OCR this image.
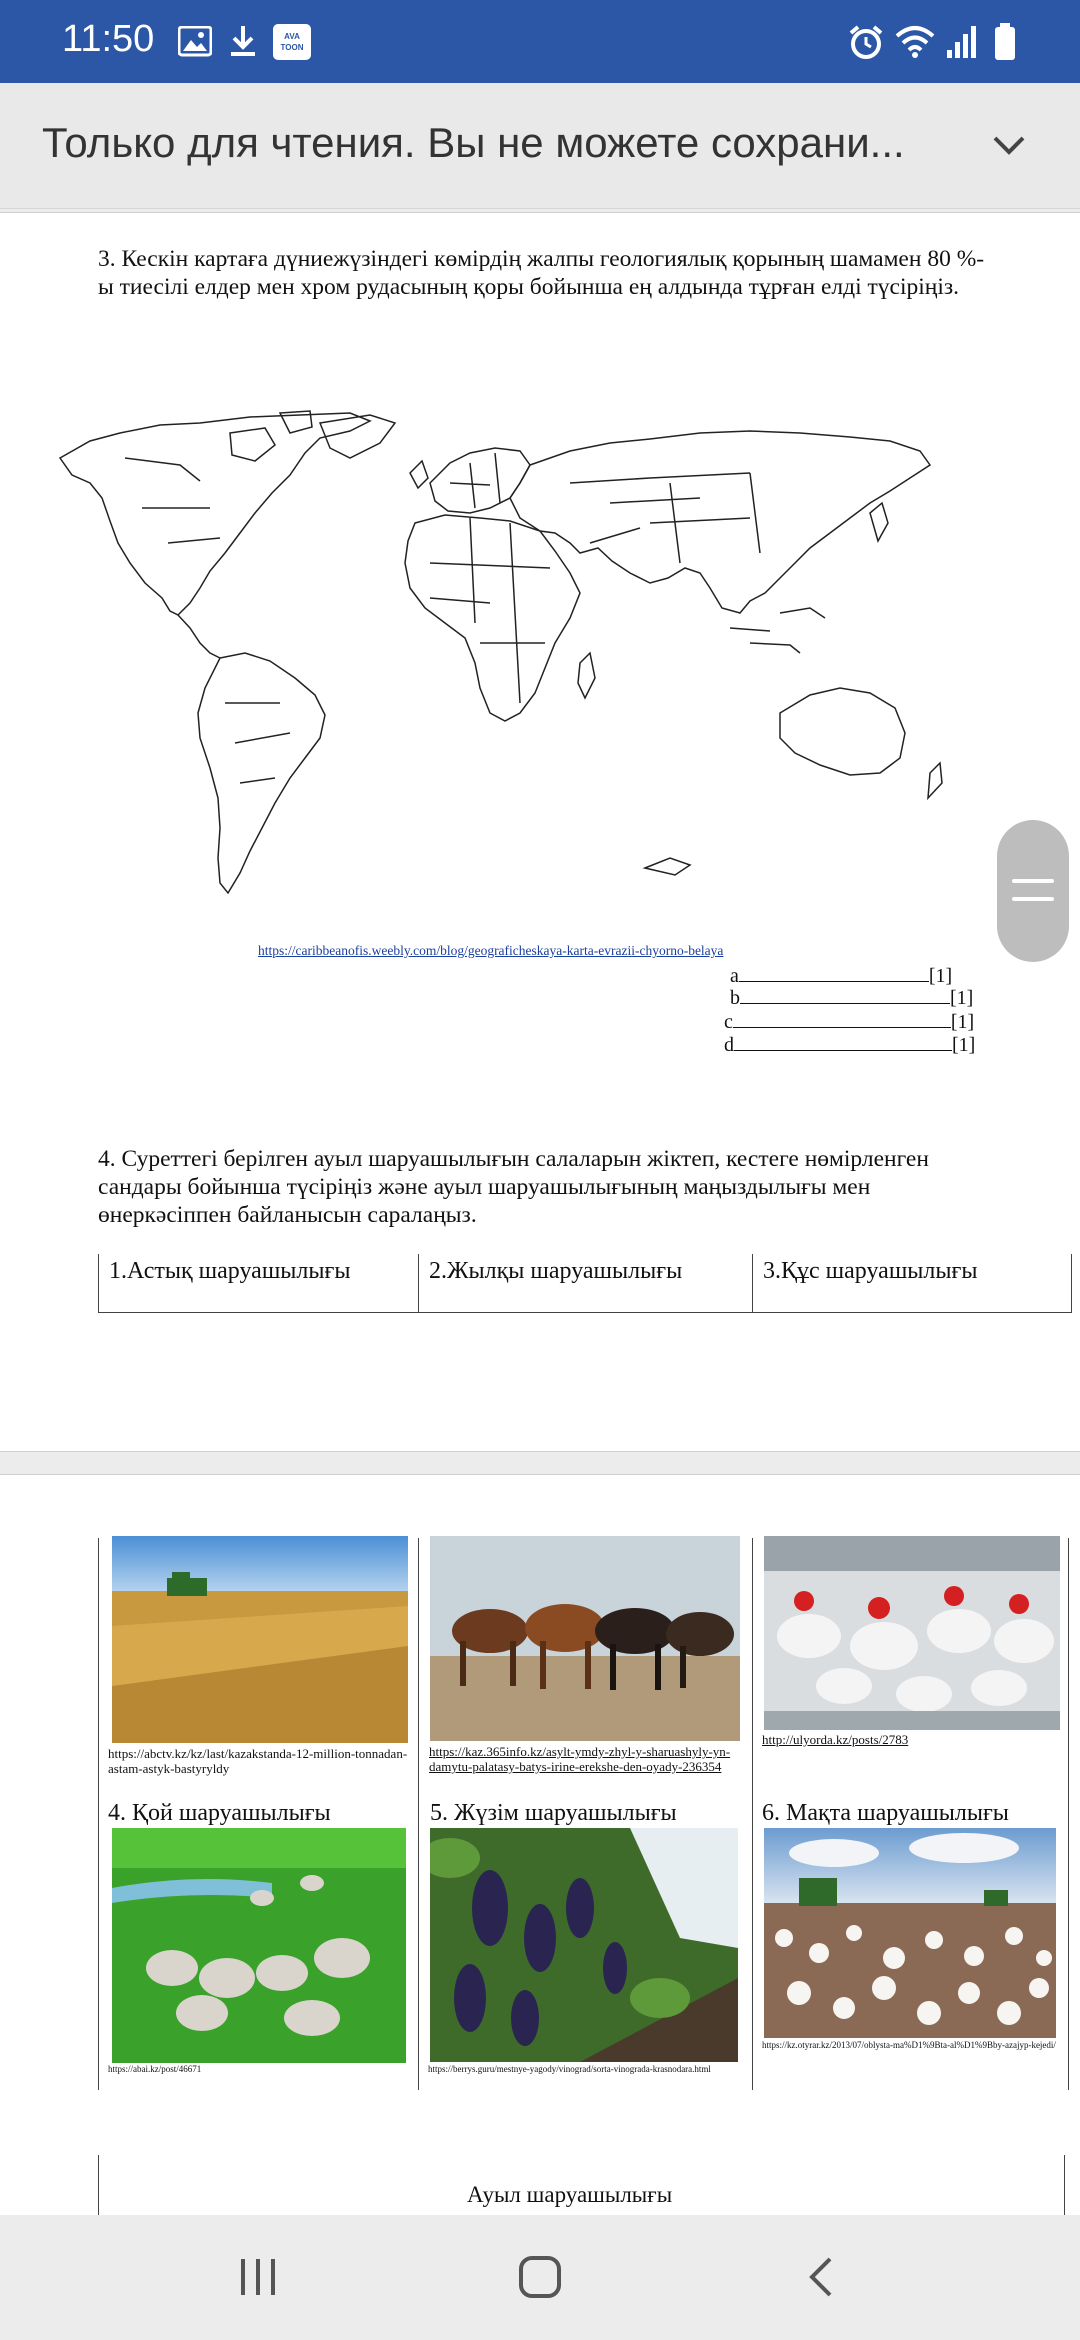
11:50	AVA TOON
Только для чтения. Вы не можете сохрани...
3. Кескін картаға дүниежүзіндегі көмірдің жалпы геологиялық қорының шамамен 80 %-ы тиесілі елдер мен хром рудасының қоры бойынша ең алдында тұрған елді түсіріңіз.
https://caribbeanofis.weebly.com/blog/geograficheskaya-karta-evrazii-chyorno-belaya
a	[1]
b	[1]
c	[1]
d	[1]
4. Суреттегі берілген ауыл шаруашылығын салаларын жіктеп, кестеге нөмірленген сандары бойынша түсіріңіз және ауыл шаруашылығының маңыздылығы мен өнеркәсіппен байланысын саралаңыз.
1.Астық шаруашылығы	2.Жылқы шаруашылығы	3.Құс шаруашылығы
https://abctv.kz/kz/last/kazakstanda-12-million-tonnadan-astam-astyk-bastyryldy
https://kaz.365info.kz/asylt-ymdy-zhyl-y-sharuashyly-yn-damytu-palatasy-batys-irine-erekshe-den-oyady-236354
http://ulyorda.kz/posts/2783
4. Қой шаруашылығы	5. Жүзім шаруашылығы	6. Мақта шаруашылығы
https://abai.kz/post/46671	https://berrys.guru/mestnye-yagody/vinograd/sorta-vinograda-krasnodara.html
https://kz.otyrar.kz/2013/07/oblysta-ma%D1%9Bta-al%D1%9Bby-azajyp-kejedi/
Ауыл шаруашылығы
